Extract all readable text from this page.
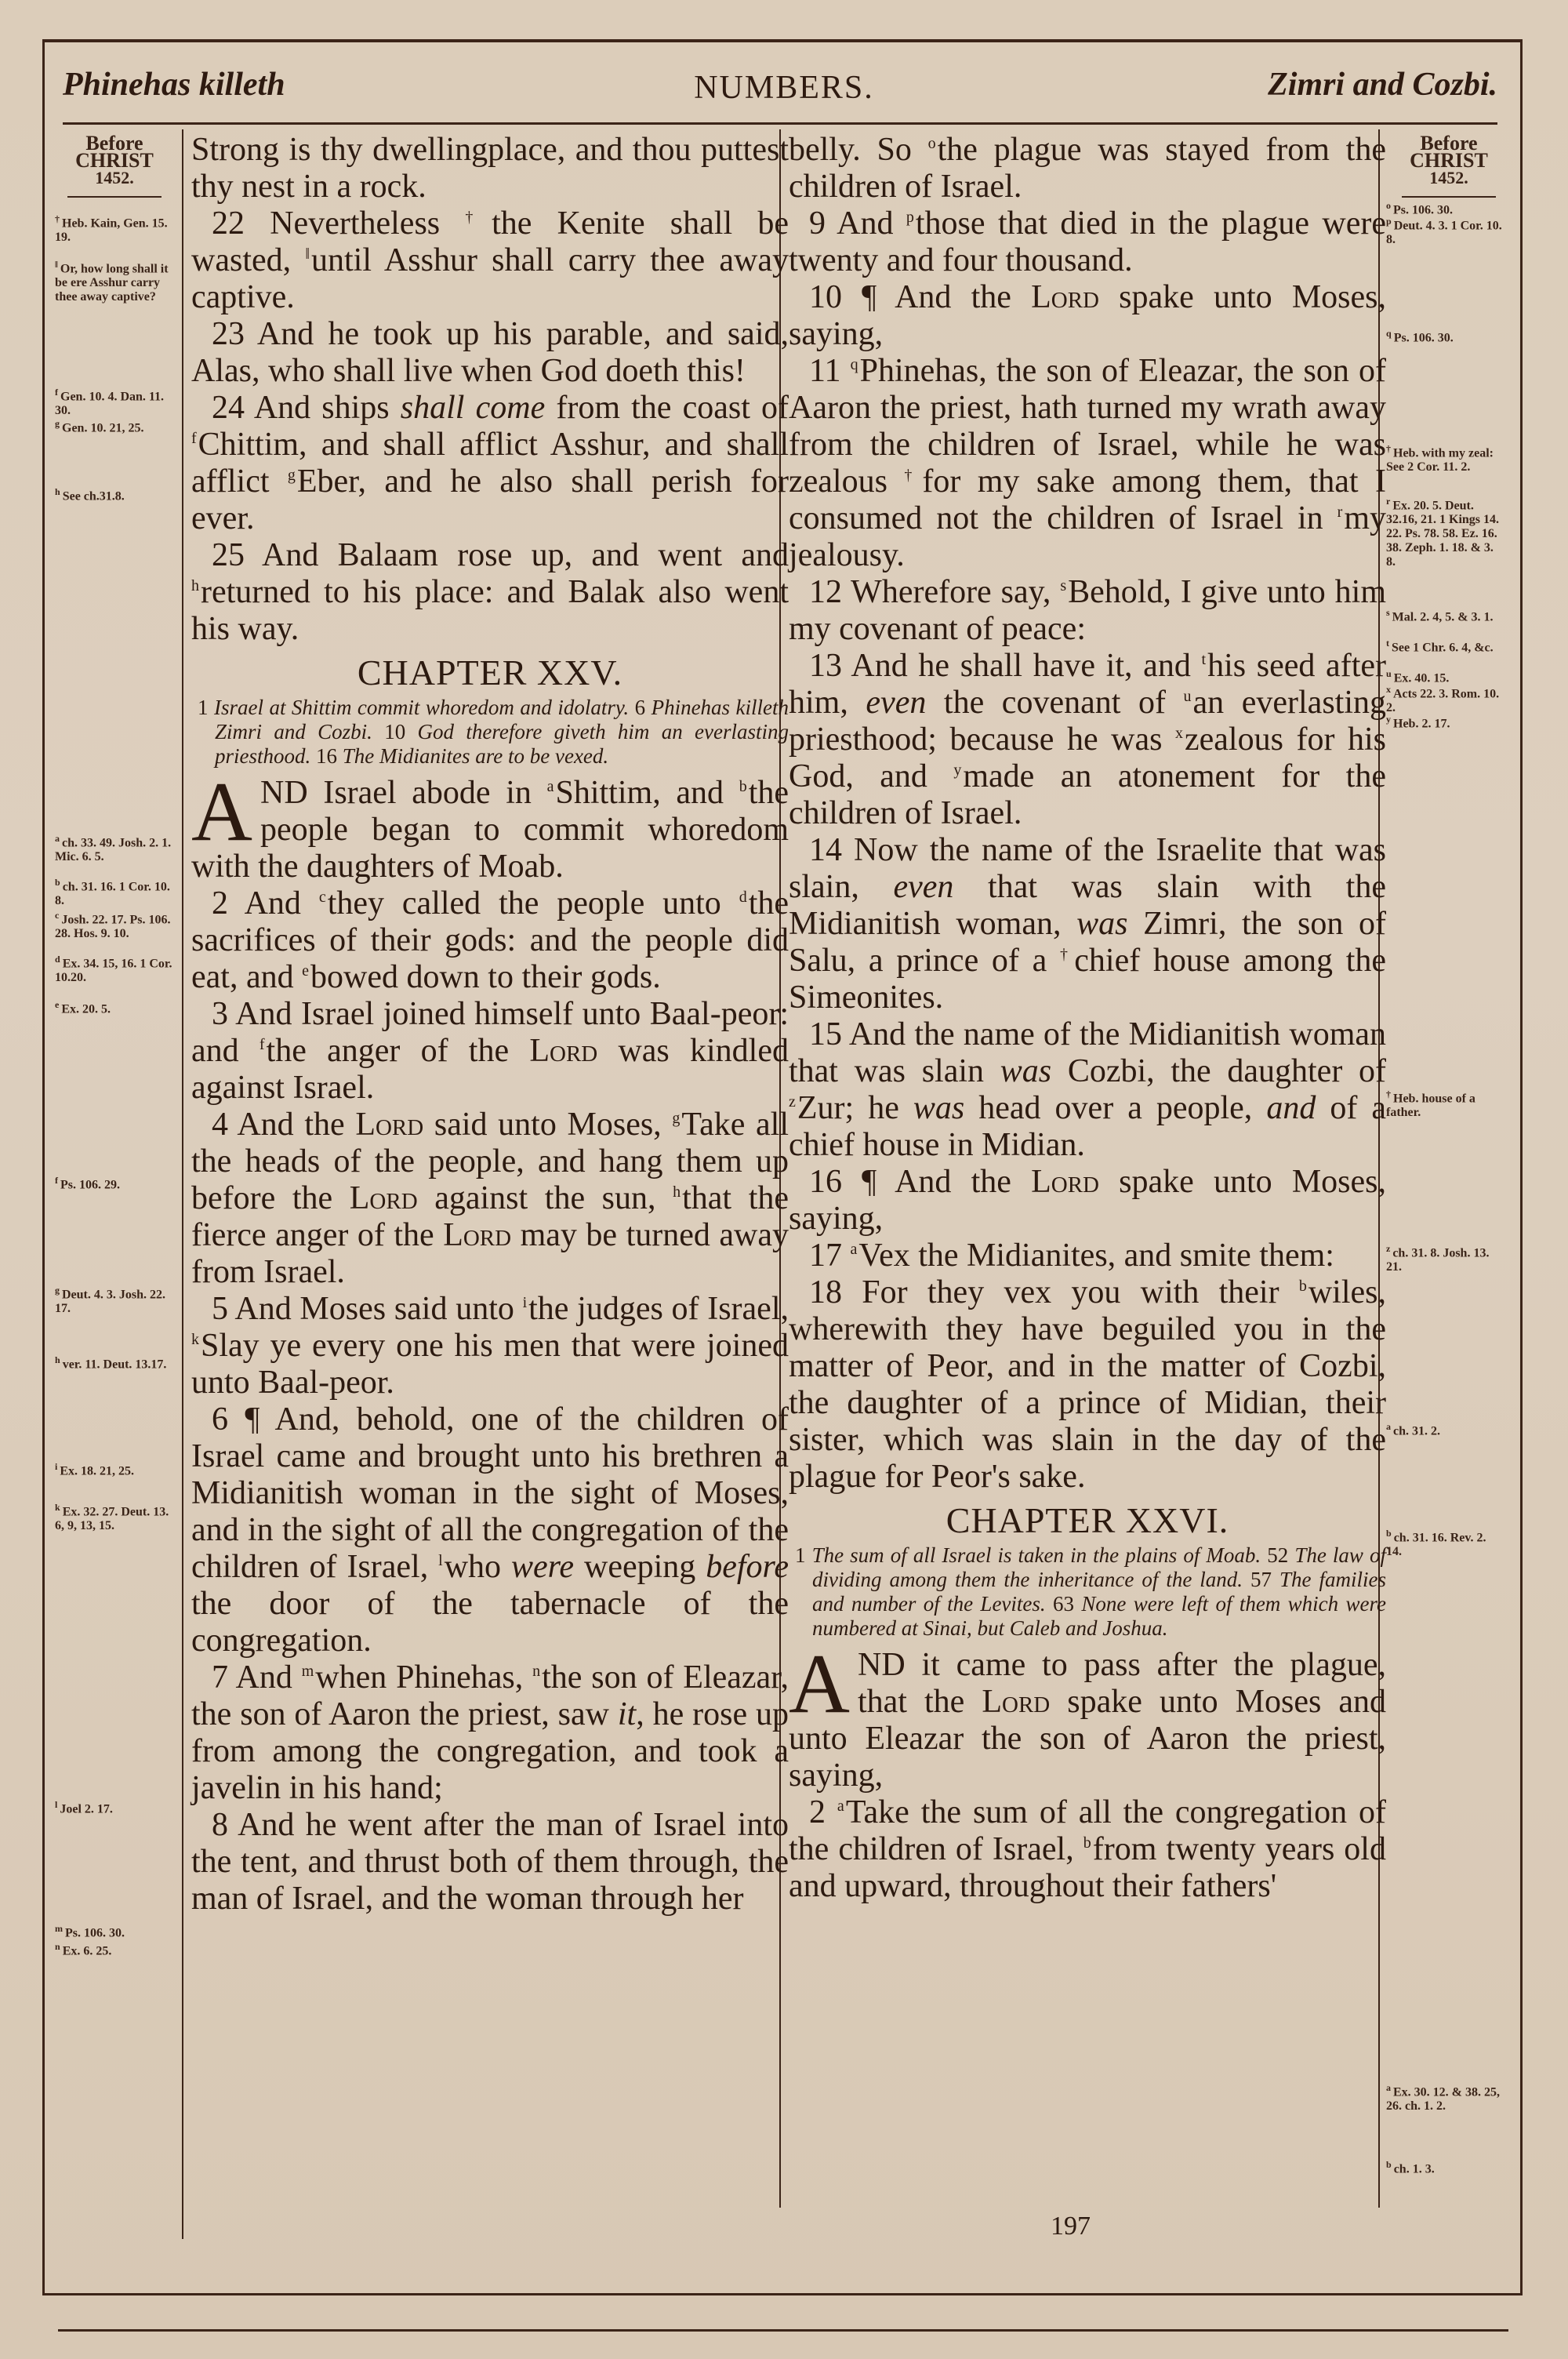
Phinehas killeth	NUMBERS.	Zimri and Cozbi.
Before
CHRIST
1452.
† Heb. Kain, Gen. 15. 19.
‖ Or, how long shall it be ere Asshur carry thee away captive?
$^f$ Gen. 10. 4. Dan. 11. 30.
$^g$ Gen. 10. 21, 25.
$^h$ See ch.31.8.
$^a$ ch. 33. 49. Josh. 2. 1. Mic. 6. 5.
$^b$ ch. 31. 16. 1 Cor. 10. 8.
$^c$ Josh. 22. 17. Ps. 106. 28. Hos. 9. 10.
$^d$ Ex. 34. 15, 16. 1 Cor. 10.20.
$^e$ Ex. 20. 5.
$^f$ Ps. 106. 29.
$^g$ Deut. 4. 3. Josh. 22. 17.
$^h$ ver. 11. Deut. 13.17.
$^i$ Ex. 18. 21, 25.
$^k$ Ex. 32. 27. Deut. 13. 6, 9, 13, 15.
$^l$ Joel 2. 17.
$^m$ Ps. 106. 30.
$^n$ Ex. 6. 25.
Before
CHRIST
1452.
$^o$ Ps. 106. 30.
$^p$ Deut. 4. 3. 1 Cor. 10. 8.
$^q$ Ps. 106. 30.
† Heb. with my zeal: See 2 Cor. 11. 2.
$^r$ Ex. 20. 5. Deut. 32.16, 21. 1 Kings 14. 22. Ps. 78. 58. Ez. 16. 38. Zeph. 1. 18. & 3. 8.
$^s$ Mal. 2. 4, 5. & 3. 1.
$^t$ See 1 Chr. 6. 4, &c.
$^u$ Ex. 40. 15.
$^x$ Acts 22. 3. Rom. 10. 2.
$^y$ Heb. 2. 17.
† Heb. house of a father.
$^z$ ch. 31. 8. Josh. 13. 21.
$^a$ ch. 31. 2.
$^b$ ch. 31. 16. Rev. 2. 14.
$^a$ Ex. 30. 12. & 38. 25, 26. ch. 1. 2.
$^b$ ch. 1. 3.

Strong is thy dwellingplace, and thou puttest thy nest in a rock.

22 Nevertheless †the Kenite shall be wasted, ‖until Asshur shall carry thee away captive.

23 And he took up his parable, and said, Alas, who shall live when God doeth this!

24 And ships shall come from the coast of $^f$Chittim, and shall afflict Asshur, and shall afflict $^g$Eber, and he also shall perish for ever.

25 And Balaam rose up, and went and $^h$returned to his place: and Balak also went his way.

CHAPTER XXV.
1 Israel at Shittim commit whoredom and idolatry. 6 Phinehas killeth Zimri and Cozbi. 10 God therefore giveth him an everlasting priesthood. 16 The Midianites are to be vexed.

AND Israel abode in $^a$Shittim, and $^b$the people began to commit whoredom with the daughters of Moab.

2 And $^c$they called the people unto $^d$the sacrifices of their gods: and the people did eat, and $^e$bowed down to their gods.

3 And Israel joined himself unto Baal-peor: and $^f$the anger of the Lord was kindled against Israel.

4 And the Lord said unto Moses, $^g$Take all the heads of the people, and hang them up before the Lord against the sun, $^h$that the fierce anger of the Lord may be turned away from Israel.

5 And Moses said unto $^i$the judges of Israel, $^k$Slay ye every one his men that were joined unto Baal-peor.

6 ¶ And, behold, one of the children of Israel came and brought unto his brethren a Midianitish woman in the sight of Moses, and in the sight of all the congregation of the children of Israel, $^l$who were weeping before the door of the tabernacle of the congregation.

7 And $^m$when Phinehas, $^n$the son of Eleazar, the son of Aaron the priest, saw it, he rose up from among the congregation, and took a javelin in his hand;

8 And he went after the man of Israel into the tent, and thrust both of them through, the man of Israel, and the woman through her

belly. So $^o$the plague was stayed from the children of Israel.

9 And $^p$those that died in the plague were twenty and four thousand.

10 ¶ And the Lord spake unto Moses, saying,

11 $^q$Phinehas, the son of Eleazar, the son of Aaron the priest, hath turned my wrath away from the children of Israel, while he was zealous †for my sake among them, that I consumed not the children of Israel in $^r$my jealousy.

12 Wherefore say, $^s$Behold, I give unto him my covenant of peace:

13 And he shall have it, and $^t$his seed after him, even the covenant of $^u$an everlasting priesthood; because he was $^x$zealous for his God, and $^y$made an atonement for the children of Israel.

14 Now the name of the Israelite that was slain, even that was slain with the Midianitish woman, was Zimri, the son of Salu, a prince of a †chief house among the Simeonites.

15 And the name of the Midianitish woman that was slain was Cozbi, the daughter of $^z$Zur; he was head over a people, and of a chief house in Midian.

16 ¶ And the Lord spake unto Moses, saying,

17 $^a$Vex the Midianites, and smite them:

18 For they vex you with their $^b$wiles, wherewith they have beguiled you in the matter of Peor, and in the matter of Cozbi, the daughter of a prince of Midian, their sister, which was slain in the day of the plague for Peor's sake.

CHAPTER XXVI.
1 The sum of all Israel is taken in the plains of Moab. 52 The law of dividing among them the inheritance of the land. 57 The families and number of the Levites. 63 None were left of them which were numbered at Sinai, but Caleb and Joshua.

AND it came to pass after the plague, that the Lord spake unto Moses and unto Eleazar the son of Aaron the priest, saying,

2 $^a$Take the sum of all the congregation of the children of Israel, $^b$from twenty years old and upward, throughout their fathers'

197
